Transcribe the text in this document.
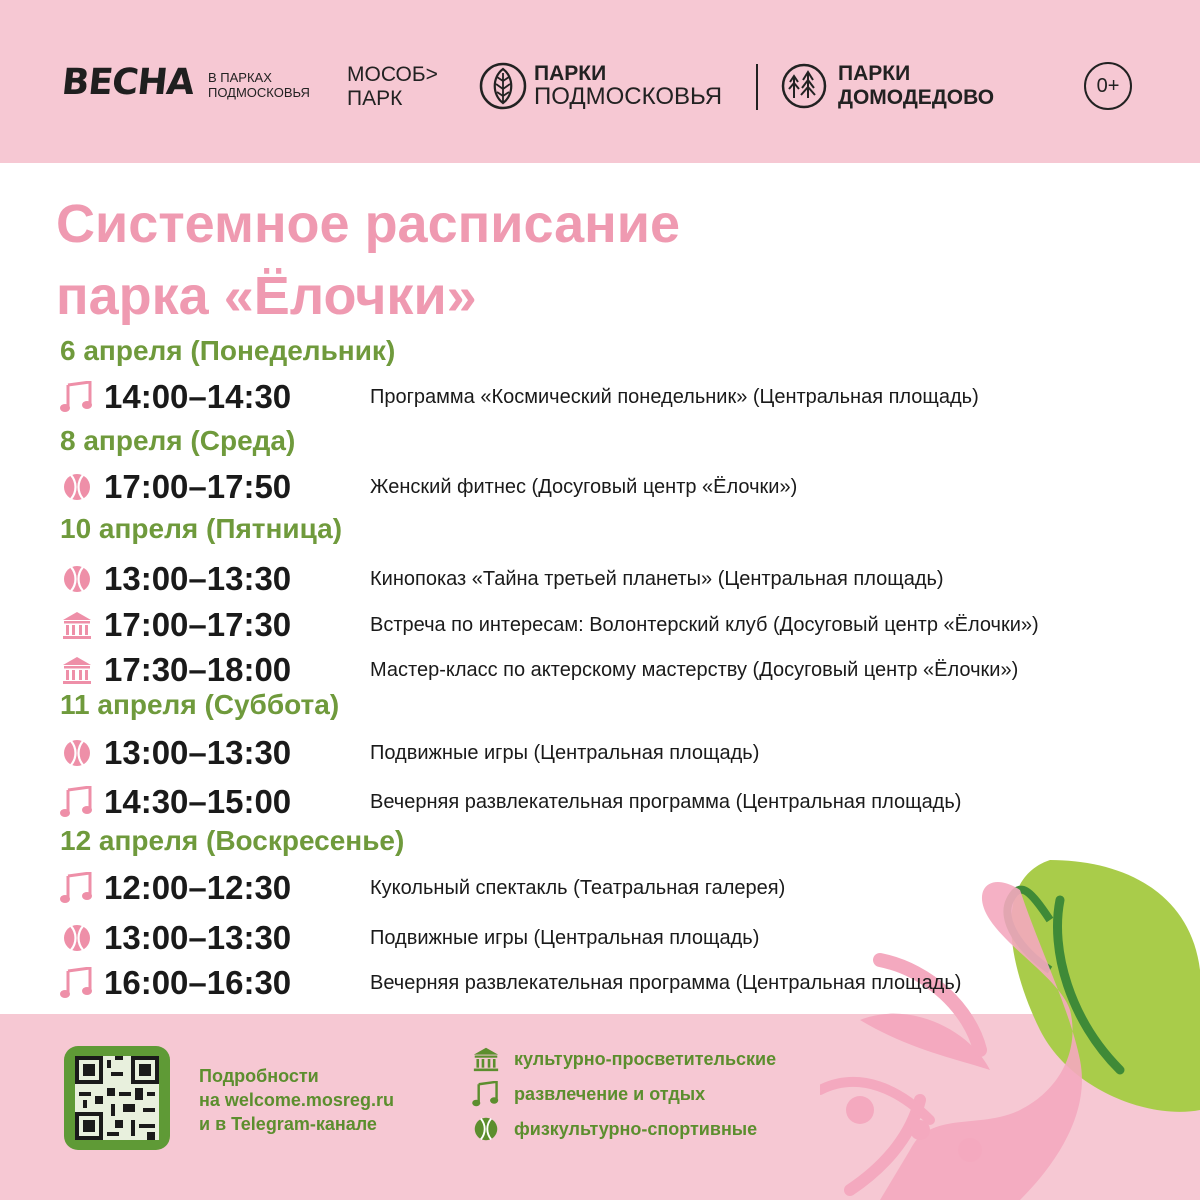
ВЕСНА В ПАРКАХ
ПОДМОСКОВЬЯ
МОСОБ>
ПАРК
ПАРКИ
ПОДМОСКОВЬЯ
ПАРКИ
ДОМОДЕДОВО
0+
Системное расписание
парка «Ёлочки»
6 апреля (Понедельник)
14:00–14:30	Программа «Космический понедельник» (Центральная площадь)
8 апреля (Среда)
17:00–17:50	Женский фитнес (Досуговый центр «Ёлочки»)
10 апреля (Пятница)
13:00–13:30	Кинопоказ «Тайна третьей планеты» (Центральная площадь)
17:00–17:30	Встреча по интересам: Волонтерский клуб (Досуговый центр «Ёлочки»)
17:30–18:00	Мастер-класс по актерскому мастерству (Досуговый центр «Ёлочки»)
11 апреля (Суббота)
13:00–13:30	Подвижные игры (Центральная площадь)
14:30–15:00	Вечерняя развлекательная программа (Центральная площадь)
12 апреля (Воскресенье)
12:00–12:30	Кукольный спектакль (Театральная галерея)
13:00–13:30	Подвижные игры (Центральная площадь)
16:00–16:30	Вечерняя развлекательная программа (Центральная площадь)
Подробности
на welcome.mosreg.ru
и в Telegram-канале
культурно-просветительские
развлечение и отдых
физкультурно-спортивные
